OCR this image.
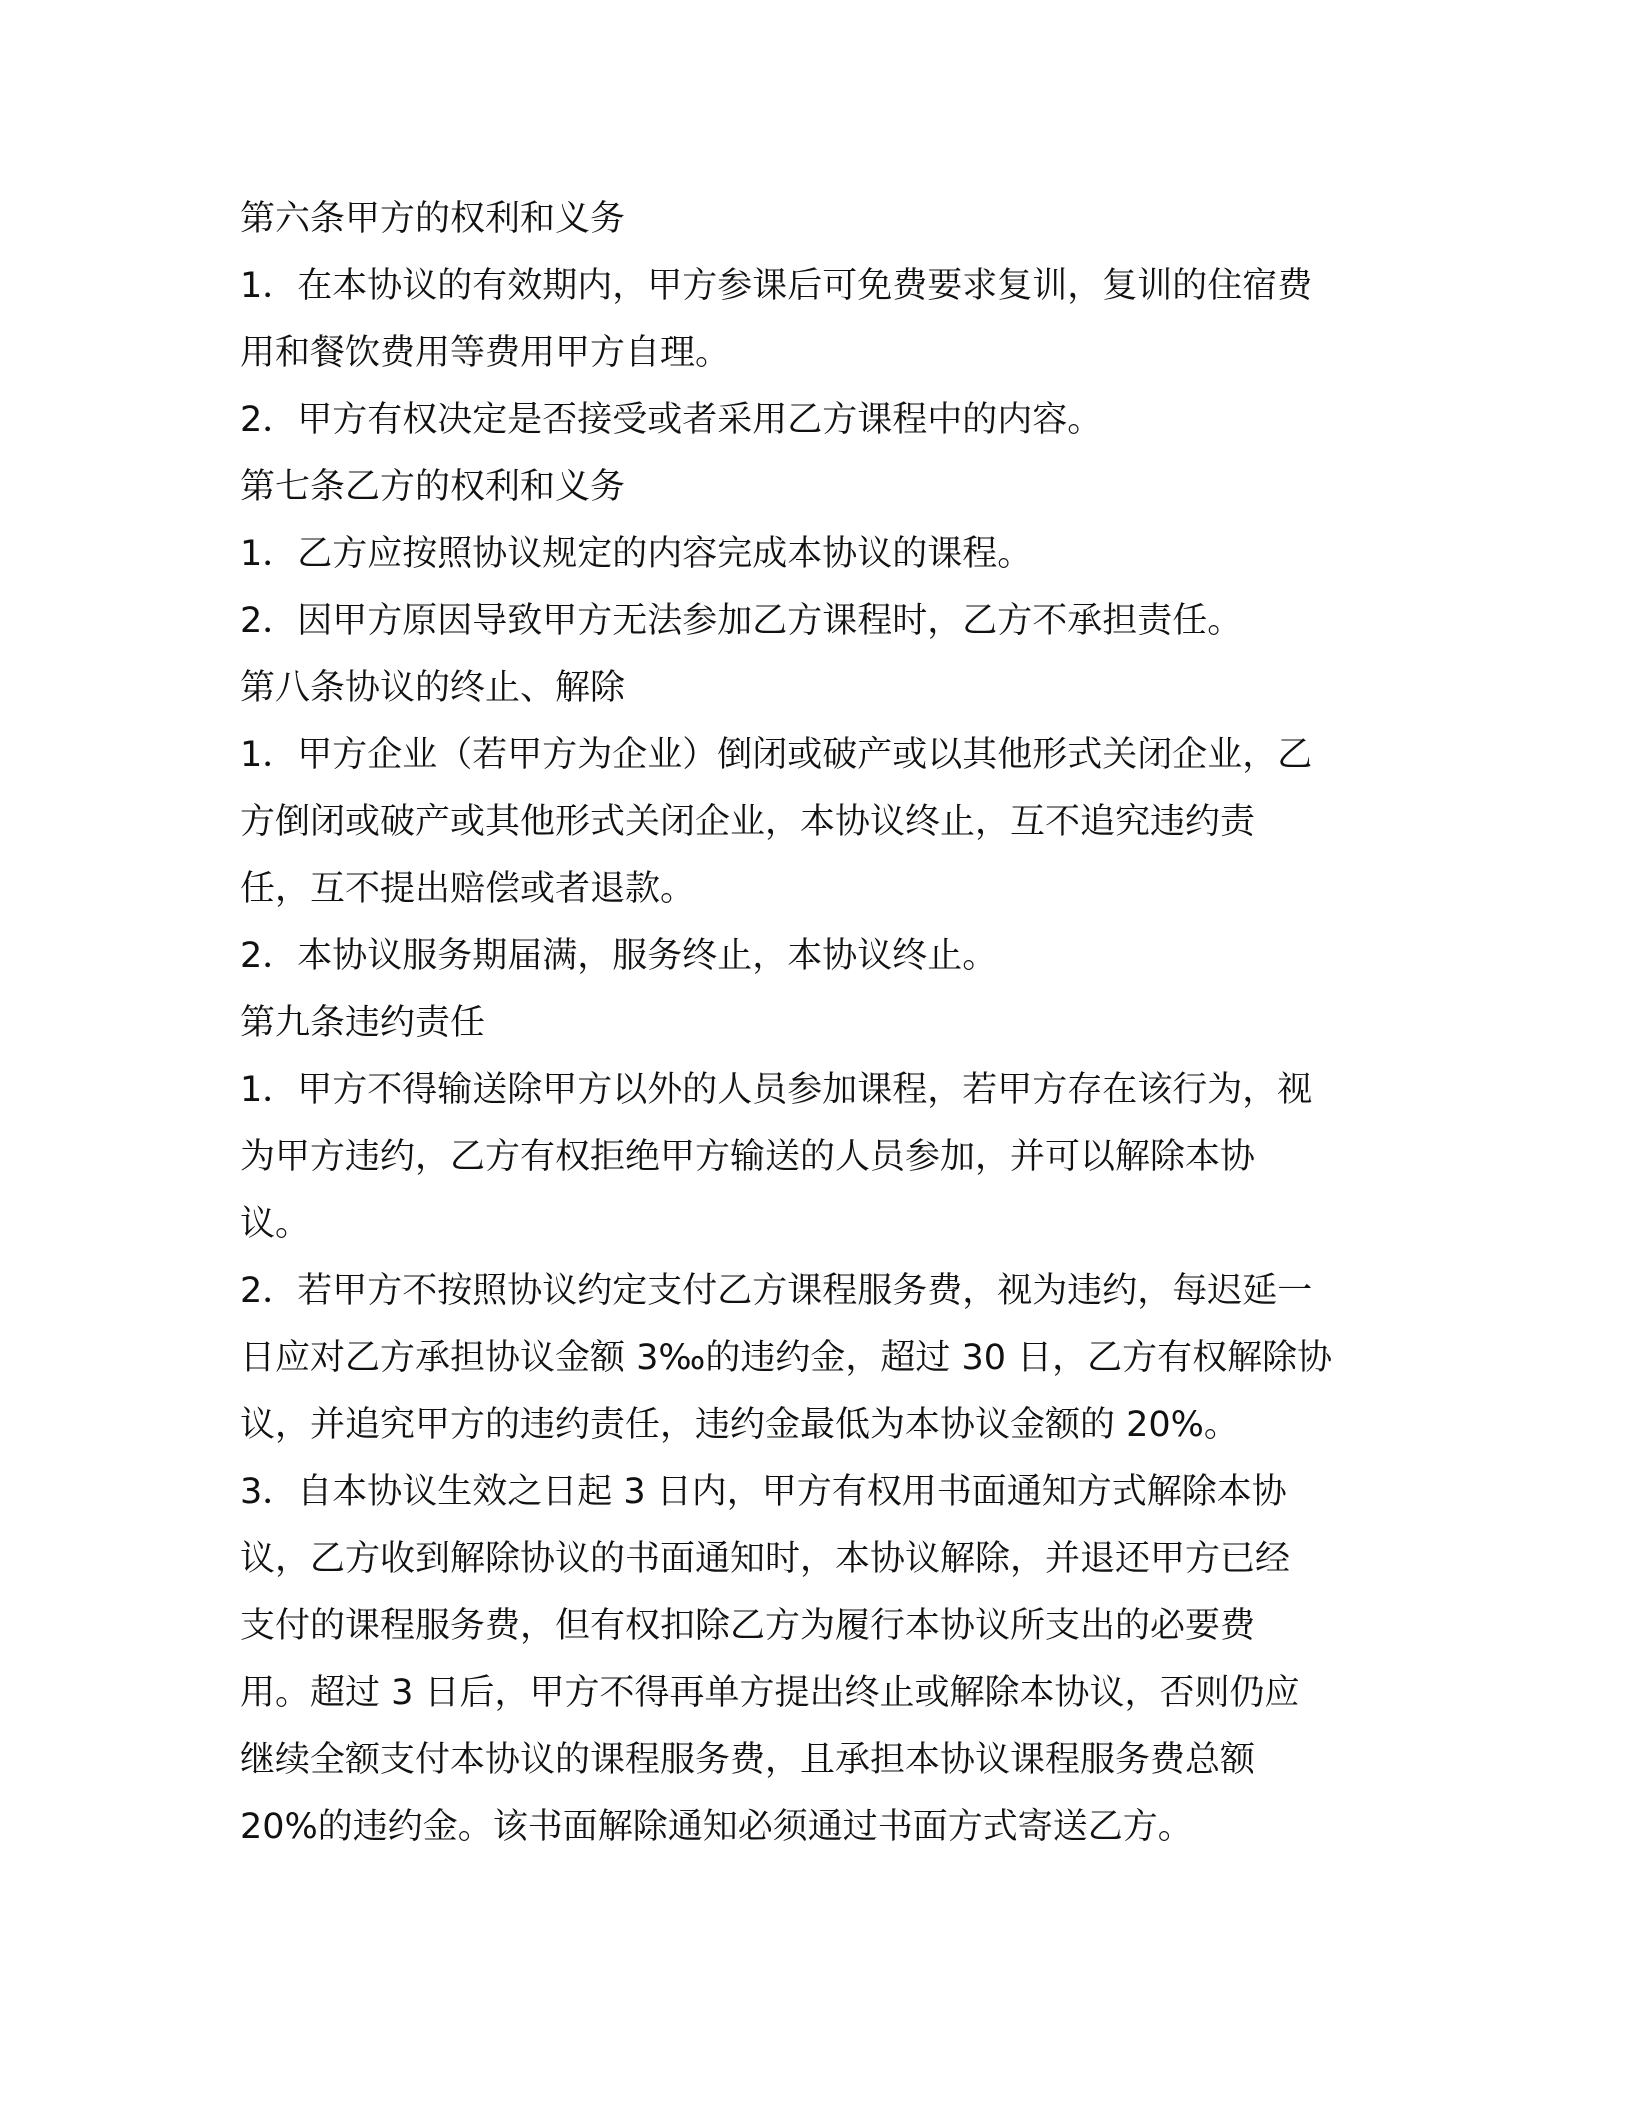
第六条甲方的权利和义务
1．在本协议的有效期内，甲方参课后可免费要求复训，复训的住宿费
用和餐饮费用等费用甲方自理。
2．甲方有权决定是否接受或者采用乙方课程中的内容。
第七条乙方的权利和义务
1．乙方应按照协议规定的内容完成本协议的课程。
2．因甲方原因导致甲方无法参加乙方课程时，乙方不承担责任。
第八条协议的终止、解除
1．甲方企业（若甲方为企业）倒闭或破产或以其他形式关闭企业，乙
方倒闭或破产或其他形式关闭企业，本协议终止，互不追究违约责
任，互不提出赔偿或者退款。
2．本协议服务期届满，服务终止，本协议终止。
第九条违约责任
1．甲方不得输送除甲方以外的人员参加课程，若甲方存在该行为，视
为甲方违约，乙方有权拒绝甲方输送的人员参加，并可以解除本协
议。
2．若甲方不按照协议约定支付乙方课程服务费，视为违约，每迟延一
日应对乙方承担协议金额 3‰的违约金，超过 30 日，乙方有权解除协
议，并追究甲方的违约责任，违约金最低为本协议金额的 20%。
3．自本协议生效之日起 3 日内，甲方有权用书面通知方式解除本协
议，乙方收到解除协议的书面通知时，本协议解除，并退还甲方已经
支付的课程服务费，但有权扣除乙方为履行本协议所支出的必要费
用。超过 3 日后，甲方不得再单方提出终止或解除本协议，否则仍应
继续全额支付本协议的课程服务费，且承担本协议课程服务费总额
20%的违约金。该书面解除通知必须通过书面方式寄送乙方。
